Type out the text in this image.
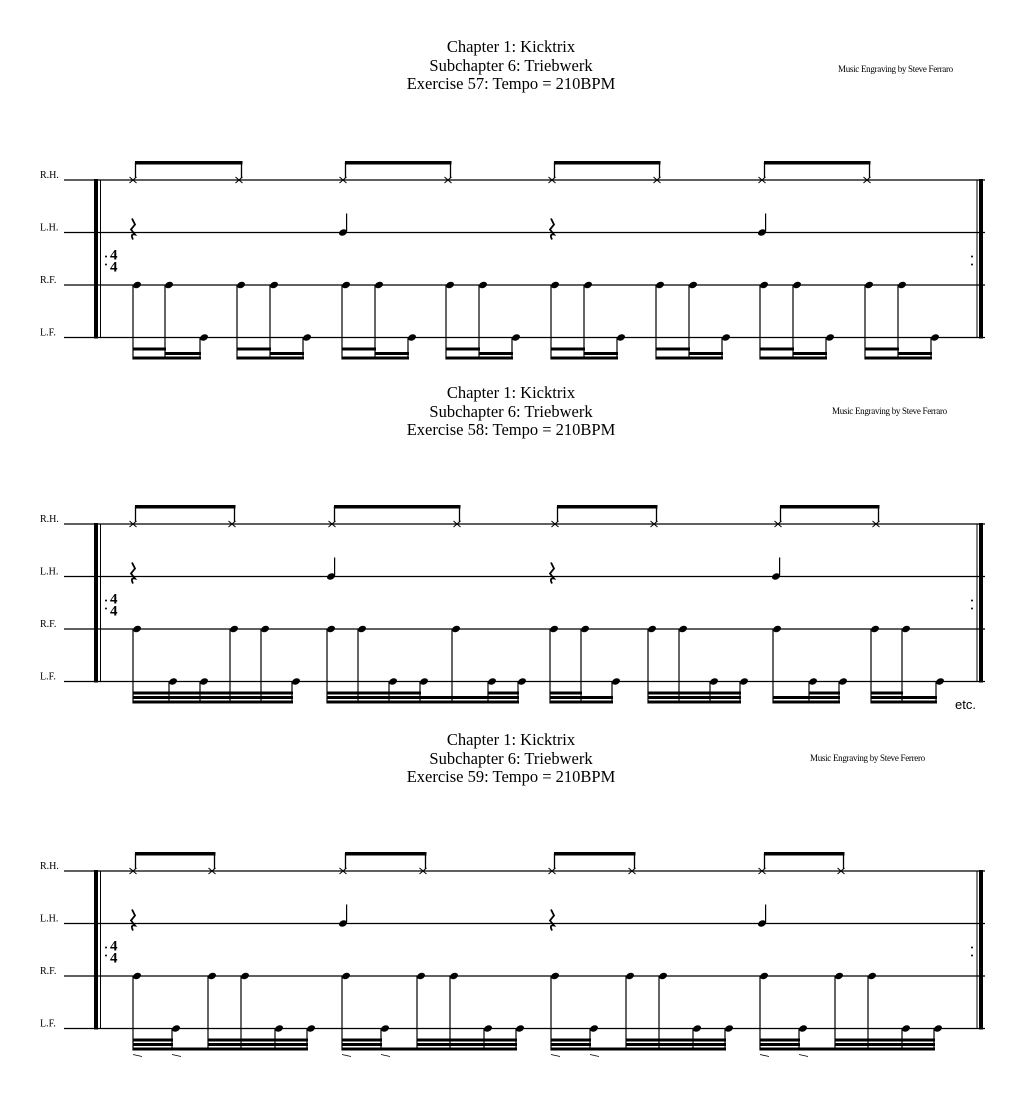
Chapter 1: Kicktrix
Subchapter 6: Triebwerk
Exercise 57: Tempo = 210BPM
Music Engraving by Steve Ferraro
R.H.
L.H.
R.F.
L.F.
4
4
Chapter 1: Kicktrix
Subchapter 6: Triebwerk
Exercise 58: Tempo = 210BPM
Music Engraving by Steve Ferraro
R.H.
L.H.
R.F.
L.F.
4
4
etc.
Chapter 1: Kicktrix
Subchapter 6: Triebwerk
Exercise 59: Tempo = 210BPM
Music Engraving by Steve Ferrero
R.H.
L.H.
R.F.
L.F.
4
4
